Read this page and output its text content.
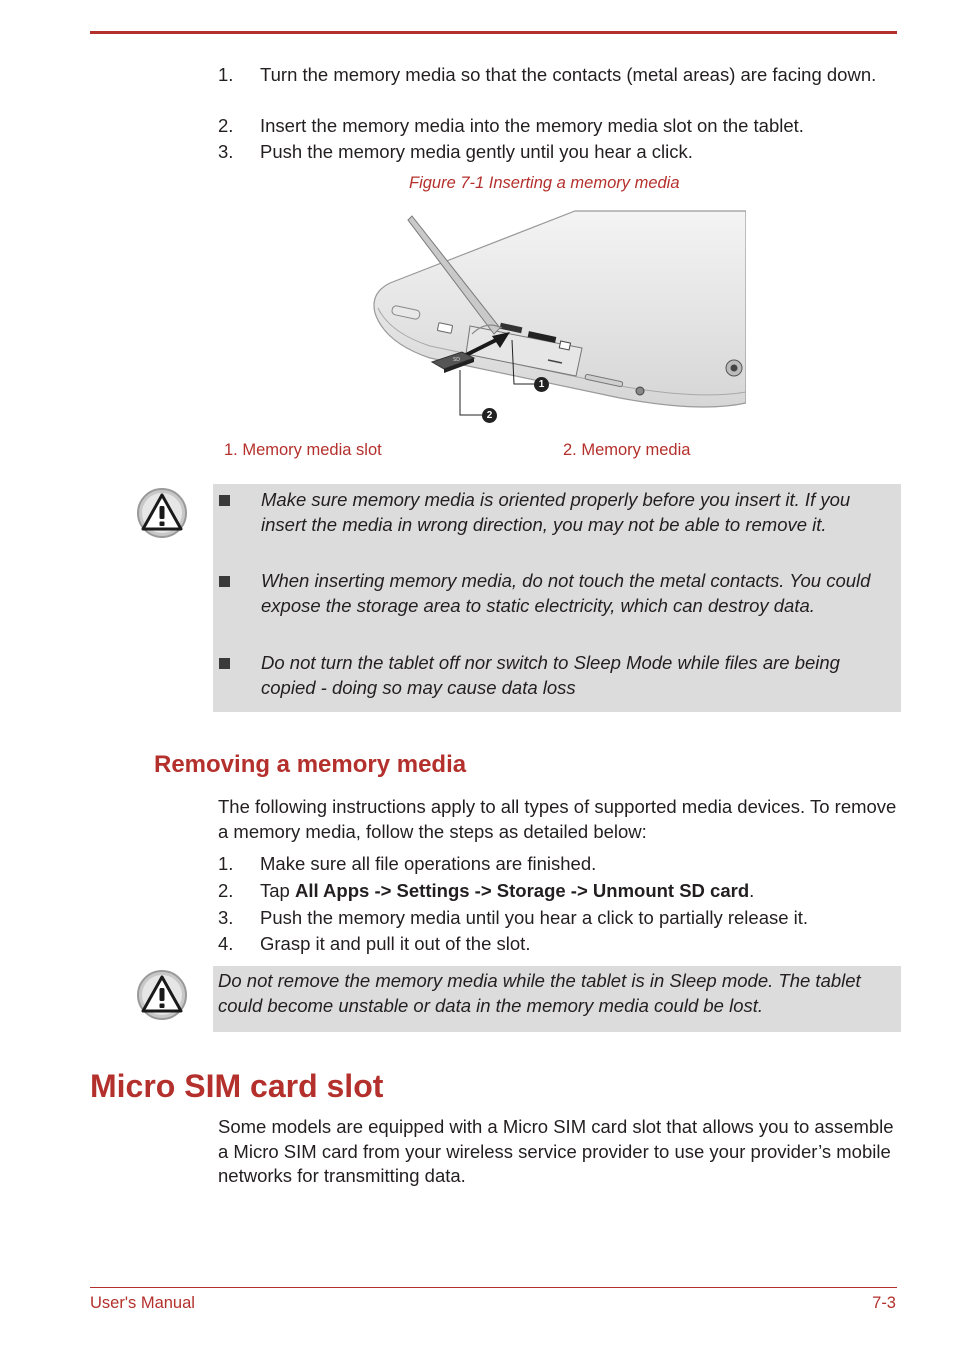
1. Turn the memory media so that the contacts (metal areas) are facing down.
2. Insert the memory media into the memory media slot on the tablet.
3. Push the memory media gently until you hear a click.
Figure 7-1 Inserting a memory media
SD
1
2
1. Memory media slot	2. Memory media
Make sure memory media is oriented properly before you insert it. If you insert the media in wrong direction, you may not be able to remove it.
When inserting memory media, do not touch the metal contacts. You could expose the storage area to static electricity, which can destroy data.
Do not turn the tablet off nor switch to Sleep Mode while files are being copied - doing so may cause data loss
Removing a memory media
The following instructions apply to all types of supported media devices. To remove a memory media, follow the steps as detailed below:
1. Make sure all file operations are finished.
2. Tap All Apps -> Settings -> Storage -> Unmount SD card.
3. Push the memory media until you hear a click to partially release it.
4. Grasp it and pull it out of the slot.
Do not remove the memory media while the tablet is in Sleep mode. The tablet could become unstable or data in the memory media could be lost.
Micro SIM card slot
Some models are equipped with a Micro SIM card slot that allows you to assemble a Micro SIM card from your wireless service provider to use your provider’s mobile networks for transmitting data.
User's Manual	7-3
